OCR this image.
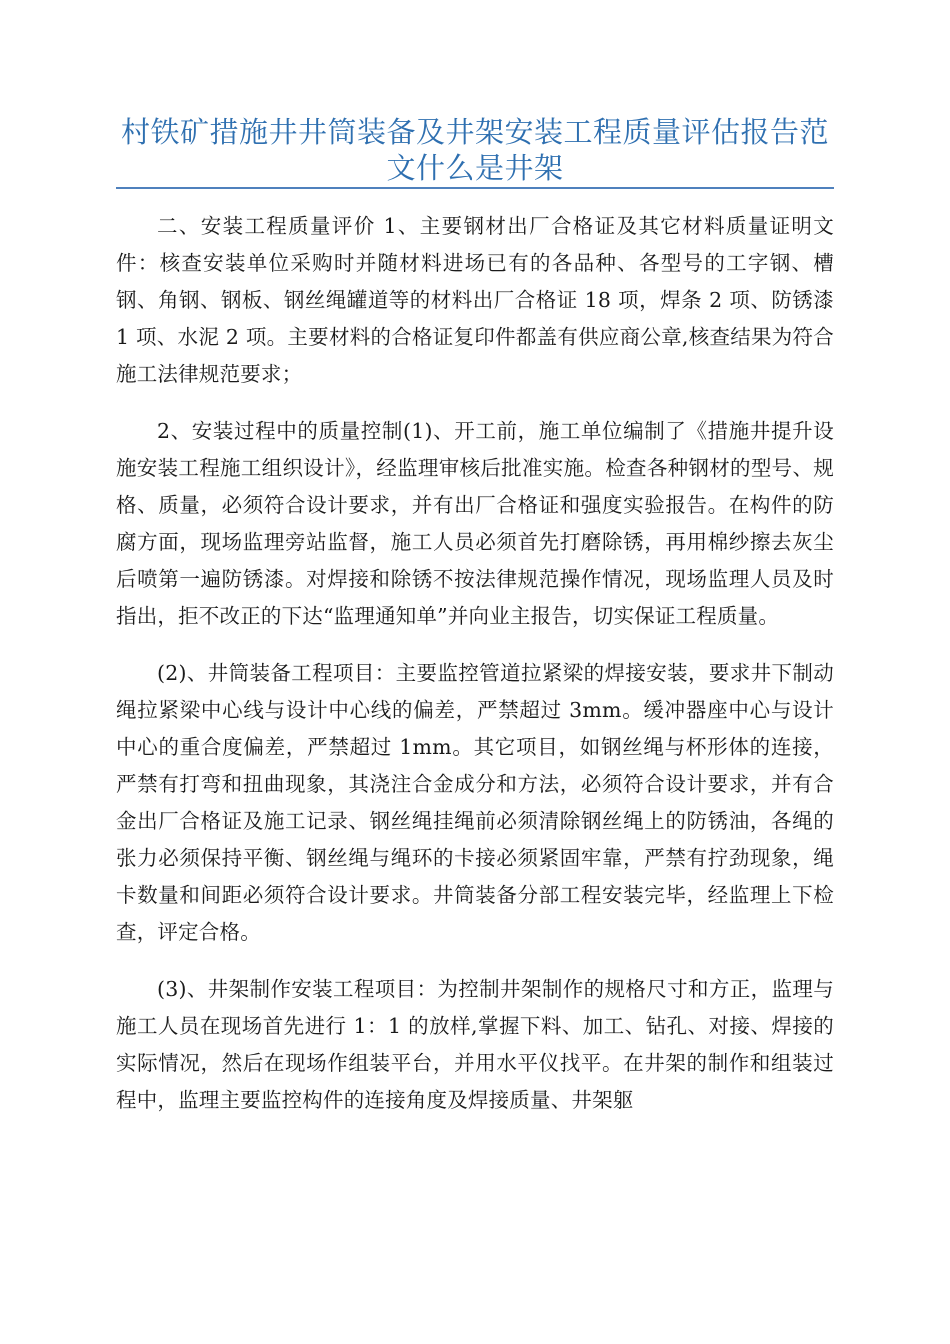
村铁矿措施井井筒装备及井架安装工程质量评估报告范文什么是井架

二、安装工程质量评价 1、主要钢材出厂合格证及其它材料质量证明文件：核查安装单位采购时并随材料进场已有的各品种、各型号的工字钢、槽钢、角钢、钢板、钢丝绳罐道等的材料出厂合格证 18 项，焊条 2 项、防锈漆 1 项、水泥 2 项。主要材料的合格证复印件都盖有供应商公章,核查结果为符合施工法律规范要求；

2、安装过程中的质量控制(1)、开工前，施工单位编制了《措施井提升设施安装工程施工组织设计》，经监理审核后批准实施。检查各种钢材的型号、规格、质量，必须符合设计要求，并有出厂合格证和强度实验报告。在构件的防腐方面，现场监理旁站监督，施工人员必须首先打磨除锈，再用棉纱擦去灰尘后喷第一遍防锈漆。对焊接和除锈不按法律规范操作情况，现场监理人员及时指出，拒不改正的下达“监理通知单”并向业主报告，切实保证工程质量。

(2)、井筒装备工程项目：主要监控管道拉紧梁的焊接安装，要求井下制动绳拉紧梁中心线与设计中心线的偏差，严禁超过 3mm。缓冲器座中心与设计中心的重合度偏差，严禁超过 1mm。其它项目，如钢丝绳与杯形体的连接，严禁有打弯和扭曲现象，其浇注合金成分和方法，必须符合设计要求，并有合金出厂合格证及施工记录、钢丝绳挂绳前必须清除钢丝绳上的防锈油，各绳的张力必须保持平衡、钢丝绳与绳环的卡接必须紧固牢靠，严禁有拧劲现象，绳卡数量和间距必须符合设计要求。井筒装备分部工程安装完毕，经监理上下检查，评定合格。

(3)、井架制作安装工程项目：为控制井架制作的规格尺寸和方正，监理与施工人员在现场首先进行 1：1 的放样,掌握下料、加工、钻孔、对接、焊接的实际情况，然后在现场作组装平台，并用水平仪找平。在井架的制作和组装过程中，监理主要监控构件的连接角度及焊接质量、井架躯
